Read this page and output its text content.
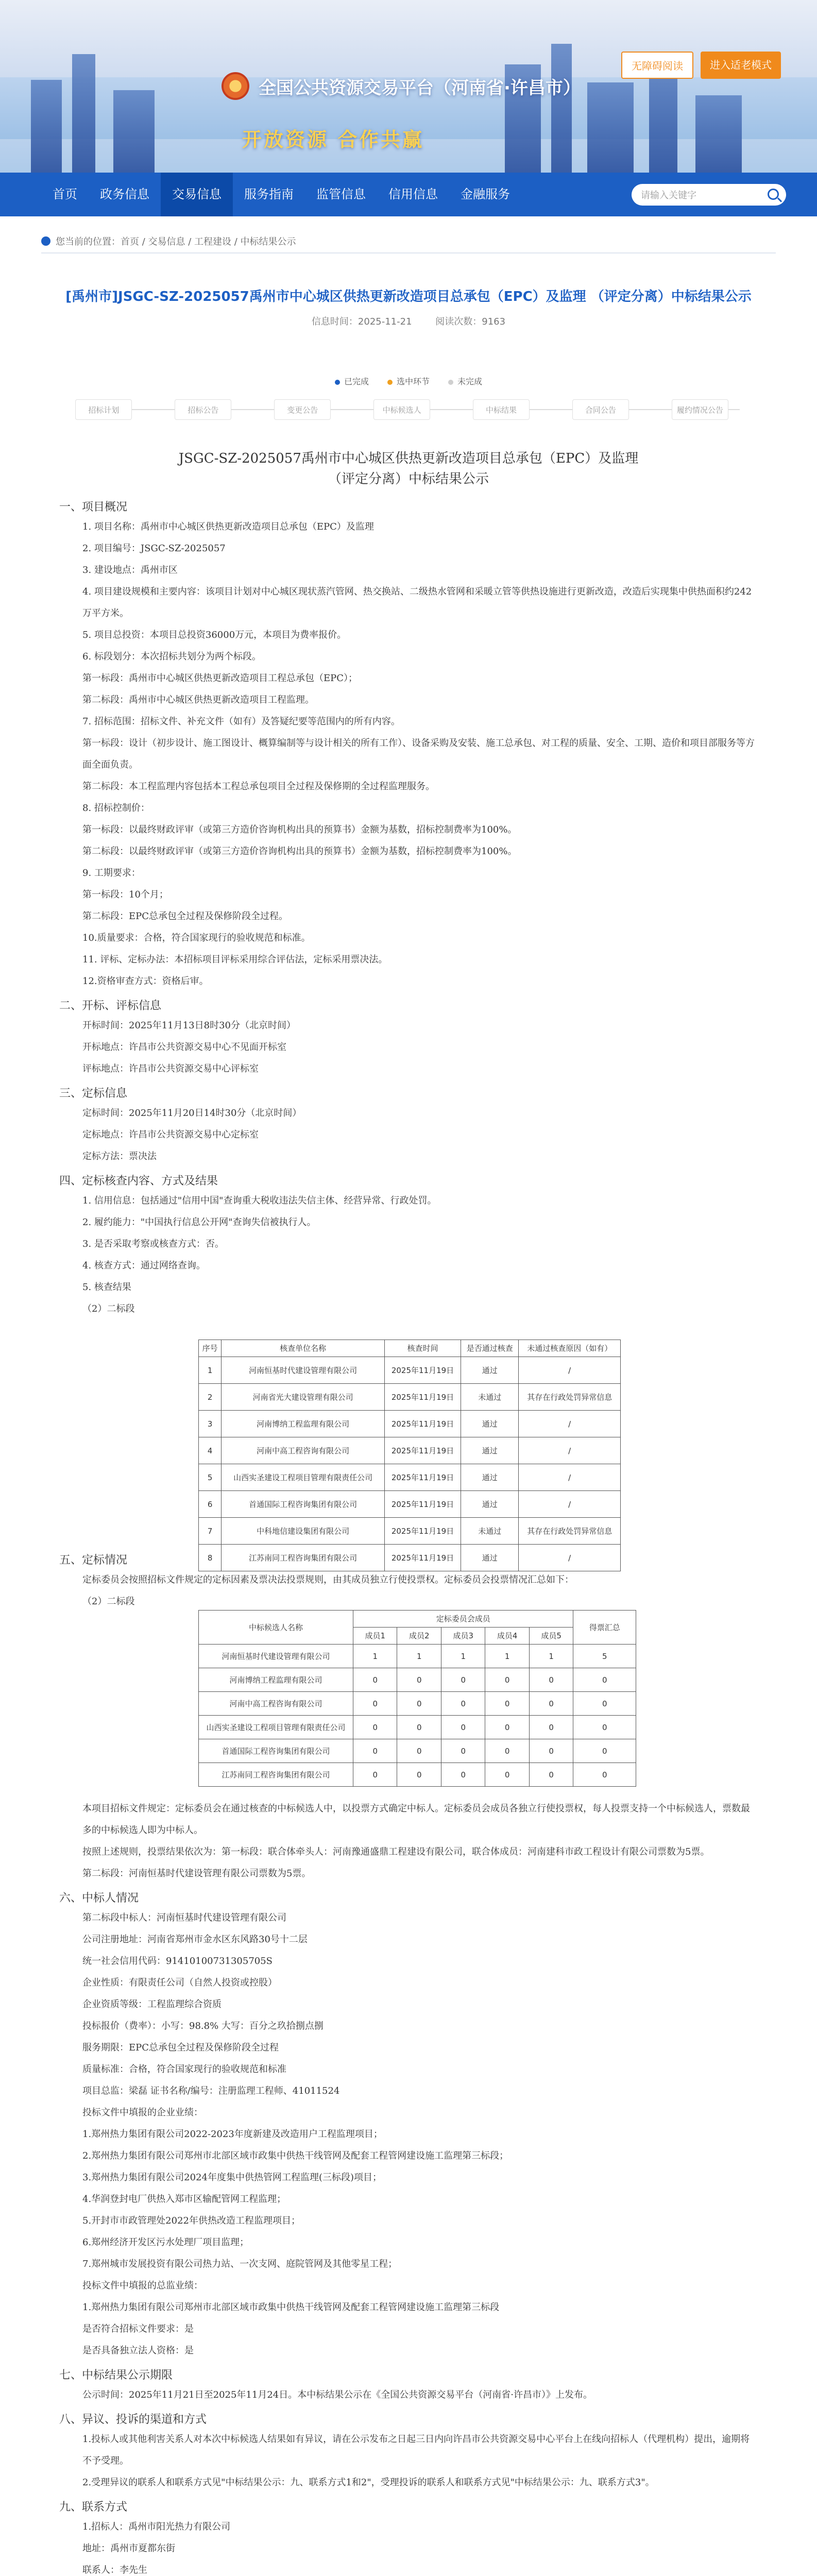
无障碍阅读	进入适老模式
全国公共资源交易平台（河南省·许昌市）
开放资源 合作共赢
首页	政务信息	交易信息	服务指南	监管信息	信用信息	金融服务	请输入关键字
您当前的位置：首页 / 交易信息 / 工程建设 / 中标结果公示
[禹州市]JSGC-SZ-2025057禹州市中心城区供热更新改造项目总承包（EPC）及监理 （评定分离）中标结果公示
信息时间：2025-11-21	阅读次数：9163
已完成	选中环节	未完成
招标计划	招标公告	变更公告	中标候选人	中标结果	合同公告	履约情况公告
JSGC-SZ-2025057禹州市中心城区供热更新改造项目总承包（EPC）及监理
（评定分离）中标结果公示
一、项目概况
1. 项目名称：禹州市中心城区供热更新改造项目总承包（EPC）及监理
2. 项目编号：JSGC-SZ-2025057
3. 建设地点：禹州市区
4. 项目建设规模和主要内容：该项目计划对中心城区现状蒸汽管网、热交换站、二级热水管网和采暖立管等供热设施进行更新改造，改造后实现集中供热面积约242万平方米。
5. 项目总投资：本项目总投资36000万元，本项目为费率报价。
6. 标段划分：本次招标共划分为两个标段。
第一标段：禹州市中心城区供热更新改造项目工程总承包（EPC）；
第二标段：禹州市中心城区供热更新改造项目工程监理。
7. 招标范围：招标文件、补充文件（如有）及答疑纪要等范围内的所有内容。
第一标段：设计（初步设计、施工图设计、概算编制等与设计相关的所有工作）、设备采购及安装、施工总承包、对工程的质量、安全、工期、造价和项目部服务等方面全面负责。
第二标段：本工程监理内容包括本工程总承包项目全过程及保修期的全过程监理服务。
8. 招标控制价：
第一标段：以最终财政评审（或第三方造价咨询机构出具的预算书）金额为基数，招标控制费率为100%。
第二标段：以最终财政评审（或第三方造价咨询机构出具的预算书）金额为基数，招标控制费率为100%。
9. 工期要求：
第一标段：10个月；
第二标段：EPC总承包全过程及保修阶段全过程。
10.质量要求：合格，符合国家现行的验收规范和标准。
11. 评标、定标办法：本招标项目评标采用综合评估法，定标采用票决法。
12.资格审查方式：资格后审。
二、开标、评标信息
开标时间：2025年11月13日8时30分（北京时间）
开标地点：许昌市公共资源交易中心不见面开标室
评标地点：许昌市公共资源交易中心评标室
三、定标信息
定标时间：2025年11月20日14时30分（北京时间）
定标地点：许昌市公共资源交易中心定标室
定标方法：票决法
四、定标核查内容、方式及结果
1. 信用信息：包括通过"信用中国"查询重大税收违法失信主体、经营异常、行政处罚。
2. 履约能力："中国执行信息公开网"查询失信被执行人。
3. 是否采取考察或核查方式：否。
4. 核查方式：通过网络查询。
5. 核查结果
（2）二标段
五、定标情况
定标委员会按照招标文件规定的定标因素及票决法投票规则，由其成员独立行使投票权。定标委员会投票情况汇总如下：
（2）二标段
本项目招标文件规定：定标委员会在通过核查的中标候选人中，以投票方式确定中标人。定标委员会成员各独立行使投票权，每人投票支持一个中标候选人，票数最多的中标候选人即为中标人。
按照上述规则，投票结果依次为：第一标段：联合体牵头人：河南豫通盛鼎工程建设有限公司，联合体成员：河南建科市政工程设计有限公司票数为5票。
第二标段：河南恒基时代建设管理有限公司票数为5票。
六、中标人情况
第二标段中标人：河南恒基时代建设管理有限公司
公司注册地址：河南省郑州市金水区东风路30号十二层
统一社会信用代码：91410100731305705S
企业性质：有限责任公司（自然人投资或控股）
企业资质等级：工程监理综合资质
投标报价（费率）：小写：98.8% 大写：百分之玖拾捌点捌
服务期限：EPC总承包全过程及保修阶段全过程
质量标准：合格，符合国家现行的验收规范和标准
项目总监：梁磊 证书名称/编号：注册监理工程师、41011524
投标文件中填报的企业业绩：
1.郑州热力集团有限公司2022-2023年度新建及改造用户工程监理项目；
2.郑州热力集团有限公司郑州市北部区域市政集中供热干线管网及配套工程管网建设施工监理第三标段；
3.郑州热力集团有限公司2024年度集中供热管网工程监理(三标段)项目；
4.华润登封电厂供热入郑市区输配管网工程监理；
5.开封市市政管理处2022年供热改造工程监理项目；
6.郑州经济开发区污水处理厂项目监理；
7.郑州城市发展投资有限公司热力站、一次支网、庭院管网及其他零星工程；
投标文件中填报的总监业绩：
1.郑州热力集团有限公司郑州市北部区域市政集中供热干线管网及配套工程管网建设施工监理第三标段
是否符合招标文件要求：是
是否具备独立法人资格：是
七、中标结果公示期限
公示时间：2025年11月21日至2025年11月24日。本中标结果公示在《全国公共资源交易平台（河南省·许昌市）》上发布。
八、异议、投诉的渠道和方式
1.投标人或其他利害关系人对本次中标候选人结果如有异议，请在公示发布之日起三日内向许昌市公共资源交易中心平台上在线向招标人（代理机构）提出，逾期将不予受理。
2.受理异议的联系人和联系方式见"中标结果公示：九、联系方式1和2"，受理投诉的联系人和联系方式见"中标结果公示：九、联系方式3"。
九、联系方式
1.招标人：禹州市阳光热力有限公司
地址：禹州市夏都东街
联系人：李先生
序号	核查单位名称	核查时间	是否通过核查	未通过核查原因（如有）
1	河南恒基时代建设管理有限公司	2025年11月19日	通过	/
2	河南省光大建设管理有限公司	2025年11月19日	未通过	其存在行政处罚异常信息
3	河南博纳工程监理有限公司	2025年11月19日	通过	/
4	河南中高工程咨询有限公司	2025年11月19日	通过	/
5	山西实圣建设工程项目管理有限责任公司	2025年11月19日	通过	/
6	首通国际工程咨询集团有限公司	2025年11月19日	通过	/
7	中科地信建设集团有限公司	2025年11月19日	未通过	其存在行政处罚异常信息
8	江苏南同工程咨询集团有限公司	2025年11月19日	通过	/
中标候选人名称	定标委员会成员					得票汇总
	成员1	成员2	成员3	成员4	成员5	
河南恒基时代建设管理有限公司	1	1	1	1	1	5
河南博纳工程监理有限公司	0	0	0	0	0	0
河南中高工程咨询有限公司	0	0	0	0	0	0
山西实圣建设工程项目管理有限责任公司	0	0	0	0	0	0
首通国际工程咨询集团有限公司	0	0	0	0	0	0
江苏南同工程咨询集团有限公司	0	0	0	0	0	0
